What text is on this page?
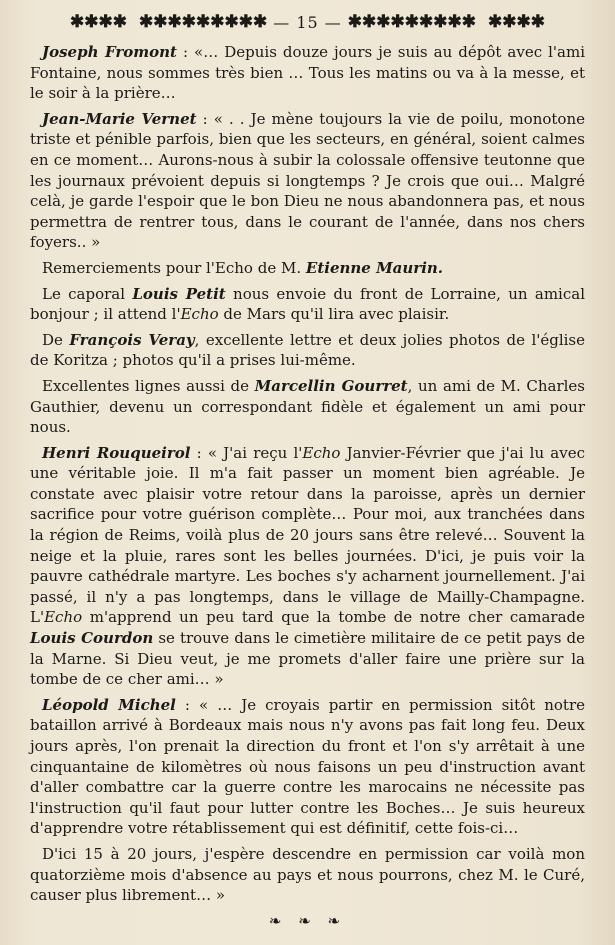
✱✱✱✱ ✱✱✱✱✱✱✱✱✱ — 15 — ✱✱✱✱✱✱✱✱✱ ✱✱✱✱

Joseph Fromont : «… Depuis douze jours je suis au dépôt avec l'ami Fontaine, nous sommes très bien … Tous les matins ou va à la messe, et le soir à la prière…

Jean-Marie Vernet : « . . Je mène toujours la vie de poilu, monotone triste et pénible parfois, bien que les secteurs, en général, soient calmes en ce moment… Aurons-nous à subir la colossale offensive teutonne que les journaux prévoient depuis si longtemps ? Je crois que oui… Malgré celà, je garde l'espoir que le bon Dieu ne nous abandonnera pas, et nous permettra de rentrer tous, dans le courant de l'année, dans nos chers foyers.. »

Remerciements pour l'Echo de M. Etienne Maurin.

Le caporal Louis Petit nous envoie du front de Lorraine, un amical bonjour ; il attend l'Echo de Mars qu'il lira avec plaisir.

De François Veray, excellente lettre et deux jolies photos de l'église de Koritza ; photos qu'il a prises lui-même.

Excellentes lignes aussi de Marcellin Gourret, un ami de M. Charles Gauthier, devenu un correspondant fidèle et également un ami pour nous.

Henri Rouqueirol : « J'ai reçu l'Echo Janvier-Février que j'ai lu avec une véritable joie. Il m'a fait passer un moment bien agréable. Je constate avec plaisir votre retour dans la paroisse, après un dernier sacrifice pour votre guérison complète… Pour moi, aux tranchées dans la région de Reims, voilà plus de 20 jours sans être relevé… Souvent la neige et la pluie, rares sont les belles journées. D'ici, je puis voir la pauvre cathédrale martyre. Les boches s'y acharnent journellement. J'ai passé, il n'y a pas longtemps, dans le village de Mailly-Champagne. L'Echo m'apprend un peu tard que la tombe de notre cher camarade Louis Courdon se trouve dans le cimetière militaire de ce petit pays de la Marne. Si Dieu veut, je me promets d'aller faire une prière sur la tombe de ce cher ami… »

Léopold Michel : « … Je croyais partir en permission sitôt notre bataillon arrivé à Bordeaux mais nous n'y avons pas fait long feu. Deux jours après, l'on prenait la direction du front et l'on s'y arrêtait à une cinquantaine de kilomètres où nous faisons un peu d'instruction avant d'aller combattre car la guerre contre les marocains ne nécessite pas l'instruction qu'il faut pour lutter contre les Boches… Je suis heureux d'apprendre votre rétablissement qui est définitif, cette fois-ci…

D'ici 15 à 20 jours, j'espère descendre en permission car voilà mon quatorzième mois d'absence au pays et nous pourrons, chez M. le Curé, causer plus librement… »

❧ ❧ ❧
